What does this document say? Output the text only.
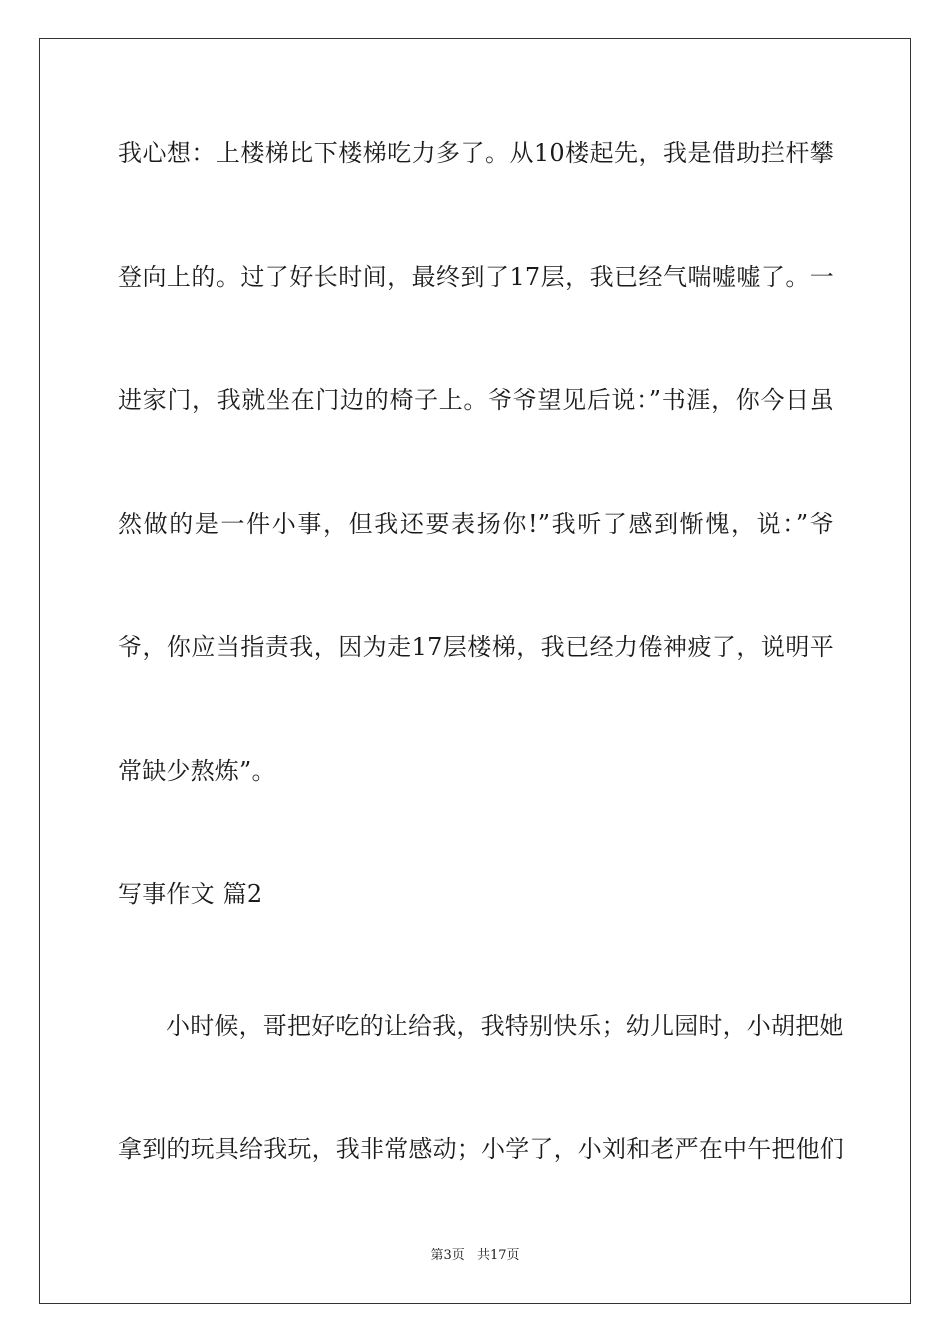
我心想：上楼梯比下楼梯吃力多了。从10楼起先，我是借助拦杆攀
登向上的。过了好长时间，最终到了17层，我已经气喘嘘嘘了。一
进家门，我就坐在门边的椅子上。爷爷望见后说：”书涯，你今日虽
然做的是一件小事，但我还要表扬你!”我听了感到惭愧，说：”爷
爷，你应当指责我，因为走17层楼梯，我已经力倦神疲了，说明平
常缺少熬炼”。
写事作文 篇2
小时候，哥把好吃的让给我，我特别快乐；幼儿园时，小胡把她
拿到的玩具给我玩，我非常感动；小学了，小刘和老严在中午把他们
第3页 共17页
